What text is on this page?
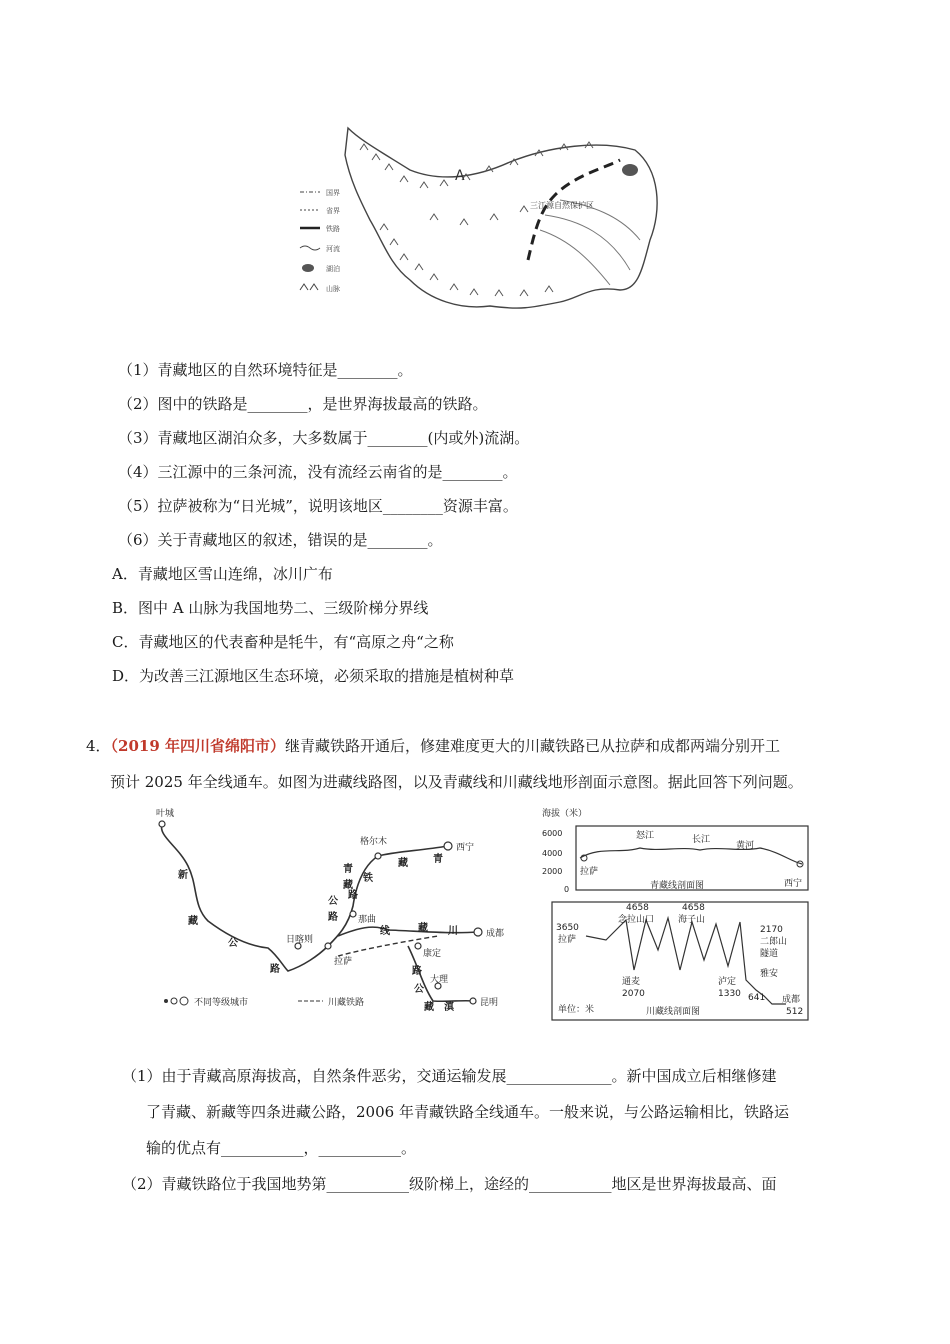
A
三江源自然保护区
国界
省界
铁路
河流
湖泊
山脉
（1）青藏地区的自然环境特征是________。
（2）图中的铁路是________，是世界海拔最高的铁路。
（3）青藏地区湖泊众多，大多数属于________(内或外)流湖。
（4）三江源中的三条河流，没有流经云南省的是________。
（5）拉萨被称为“日光城”，说明该地区________资源丰富。
（6）关于青藏地区的叙述，错误的是________。
A．青藏地区雪山连绵，冰川广布
B．图中 A 山脉为我国地势二、三级阶梯分界线
C．青藏地区的代表畜种是牦牛，有“高原之舟“之称
D．为改善三江源地区生态环境，必须采取的措施是植树种草
4．（2019 年四川省绵阳市）继青藏铁路开通后，修建难度更大的川藏铁路已从拉萨和成都两端分别开工
预计 2025 年全线通车。如图为进藏线路图，以及青藏线和川藏线地形剖面示意图。据此回答下列问题。
叶城
格尔木
西宁
日喀则
拉萨
那曲
成都
康定
大理
昆明
新
藏
公
路
青
藏
公
路
青
藏
铁
路
川
藏
线
滇
藏
公
路
不同等级城市	川藏铁路
海拔（米）
6000
4000
2000
0
怒江	长江
黄河
拉萨
西宁
青藏线剖面图
3650
拉萨
4658
念拉山口
4658
海子山
2170
二郎山
隧道
通麦
2070
泸定
1330
雅安
641 成都
512
单位：米	川藏线剖面图
（1）由于青藏高原海拔高，自然条件恶劣，交通运输发展______________。新中国成立后相继修建
了青藏、新藏等四条进藏公路，2006 年青藏铁路全线通车。一般来说，与公路运输相比，铁路运
输的优点有___________，___________。
（2）青藏铁路位于我国地势第___________级阶梯上，途经的___________地区是世界海拔最高、面
